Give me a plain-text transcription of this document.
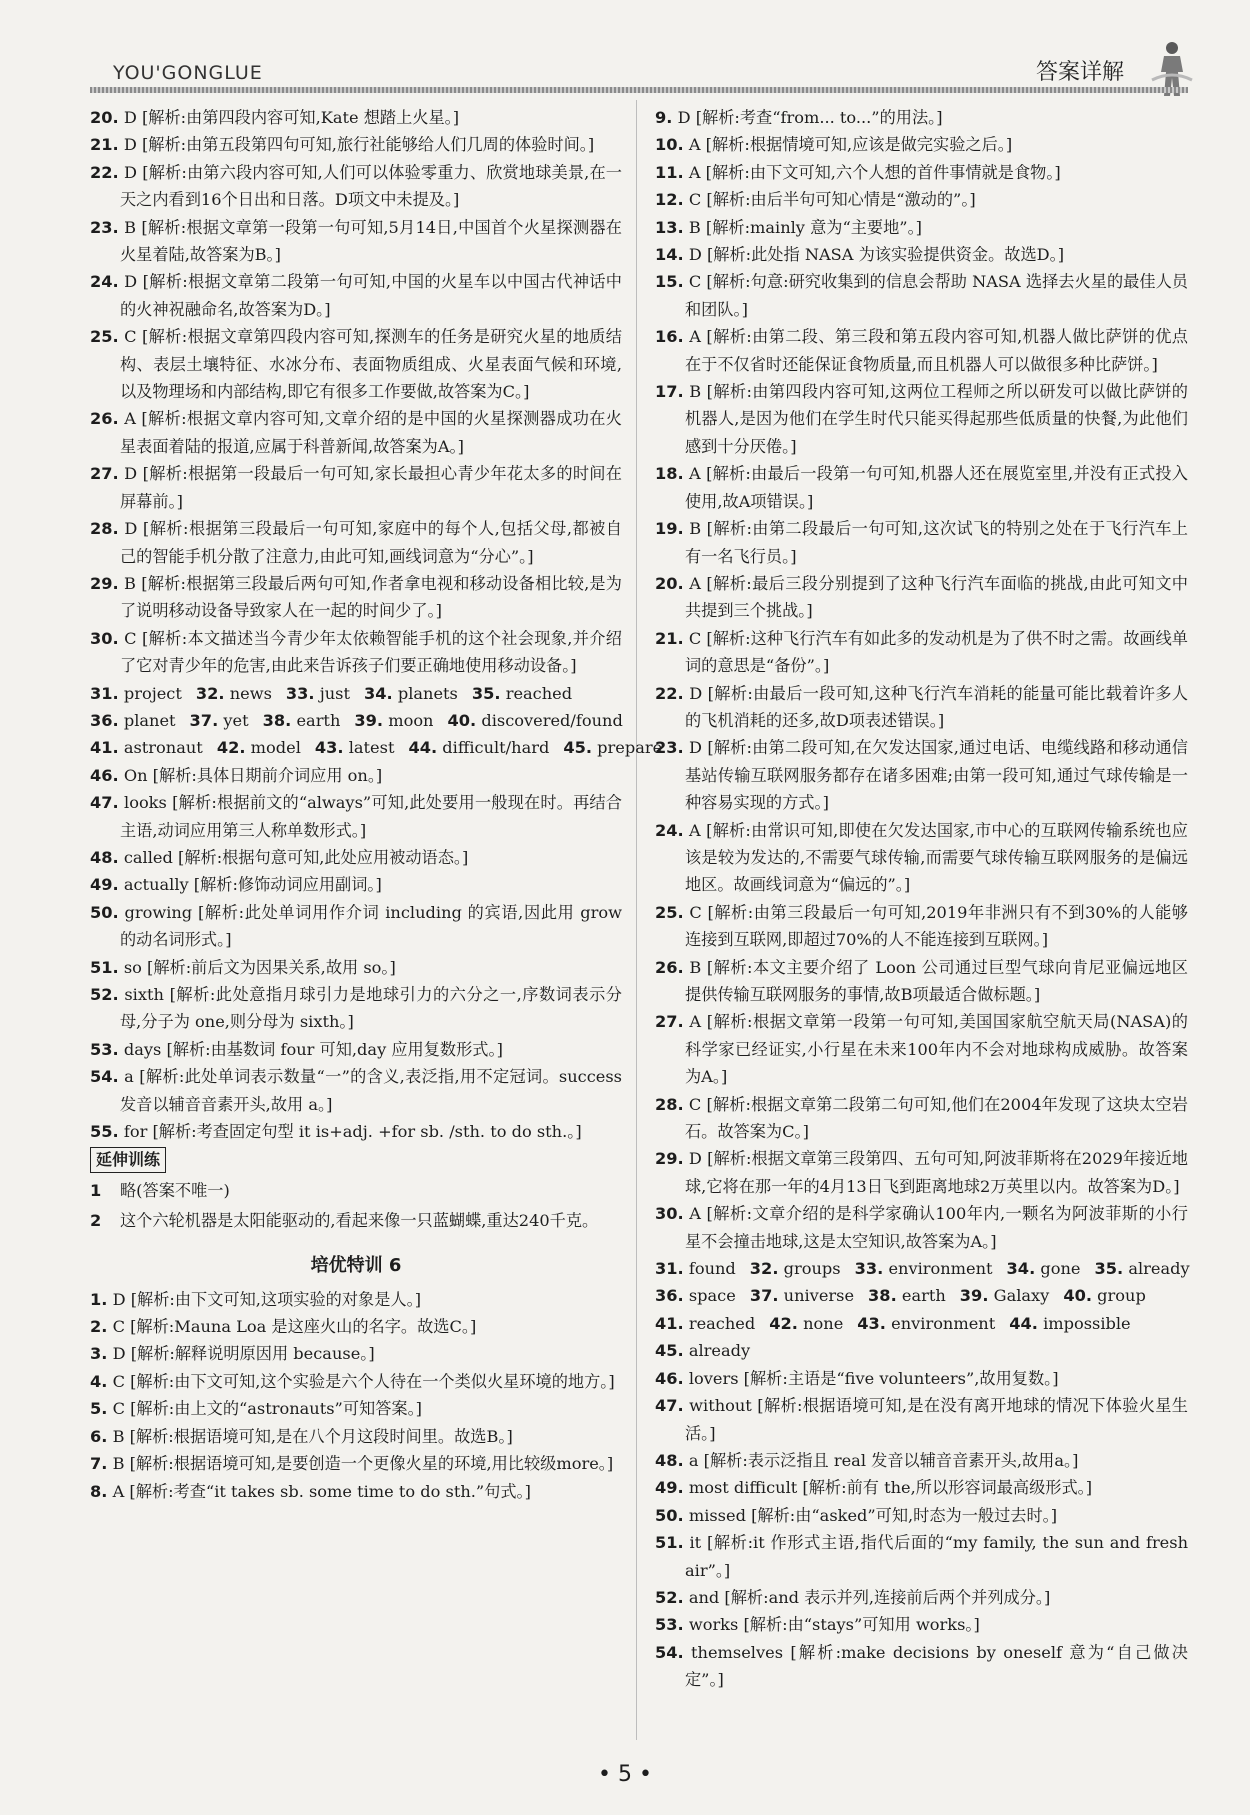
YOU'GONGLUE	答案详解
20. D [解析:由第四段内容可知,Kate 想踏上火星。]
21. D [解析:由第五段第四句可知,旅行社能够给人们几周的体验时间。]
22. D [解析:由第六段内容可知,人们可以体验零重力、欣赏地球美景,在一天之内看到16个日出和日落。D项文中未提及。]
23. B [解析:根据文章第一段第一句可知,5月14日,中国首个火星探测器在火星着陆,故答案为B。]
24. D [解析:根据文章第二段第一句可知,中国的火星车以中国古代神话中的火神祝融命名,故答案为D。]
25. C [解析:根据文章第四段内容可知,探测车的任务是研究火星的地质结构、表层土壤特征、水冰分布、表面物质组成、火星表面气候和环境,以及物理场和内部结构,即它有很多工作要做,故答案为C。]
26. A [解析:根据文章内容可知,文章介绍的是中国的火星探测器成功在火星表面着陆的报道,应属于科普新闻,故答案为A。]
27. D [解析:根据第一段最后一句可知,家长最担心青少年花太多的时间在屏幕前。]
28. D [解析:根据第三段最后一句可知,家庭中的每个人,包括父母,都被自己的智能手机分散了注意力,由此可知,画线词意为“分心”。]
29. B [解析:根据第三段最后两句可知,作者拿电视和移动设备相比较,是为了说明移动设备导致家人在一起的时间少了。]
30. C [解析:本文描述当今青少年太依赖智能手机的这个社会现象,并介绍了它对青少年的危害,由此来告诉孩子们要正确地使用移动设备。]
31. project 32. news 33. just 34. planets 35. reached
36. planet 37. yet 38. earth 39. moon 40. discovered/found
41. astronaut 42. model 43. latest 44. difficult/hard 45. prepare
46. On [解析:具体日期前介词应用 on。]
47. looks [解析:根据前文的“always”可知,此处要用一般现在时。再结合主语,动词应用第三人称单数形式。]
48. called [解析:根据句意可知,此处应用被动语态。]
49. actually [解析:修饰动词应用副词。]
50. growing [解析:此处单词用作介词 including 的宾语,因此用 grow 的动名词形式。]
51. so [解析:前后文为因果关系,故用 so。]
52. sixth [解析:此处意指月球引力是地球引力的六分之一,序数词表示分母,分子为 one,则分母为 sixth。]
53. days [解析:由基数词 four 可知,day 应用复数形式。]
54. a [解析:此处单词表示数量“一”的含义,表泛指,用不定冠词。success 发音以辅音音素开头,故用 a。]
55. for [解析:考查固定句型 it is+adj. +for sb. /sth. to do sth.。]
延伸训练
1	略(答案不唯一)
2	这个六轮机器是太阳能驱动的,看起来像一只蓝蝴蝶,重达240千克。
培优特训 6
1. D [解析:由下文可知,这项实验的对象是人。]
2. C [解析:Mauna Loa 是这座火山的名字。故选C。]
3. D [解析:解释说明原因用 because。]
4. C [解析:由下文可知,这个实验是六个人待在一个类似火星环境的地方。]
5. C [解析:由上文的“astronauts”可知答案。]
6. B [解析:根据语境可知,是在八个月这段时间里。故选B。]
7. B [解析:根据语境可知,是要创造一个更像火星的环境,用比较级more。]
8. A [解析:考查“it takes sb. some time to do sth.”句式。]
9. D [解析:考查“from... to...”的用法。]
10. A [解析:根据情境可知,应该是做完实验之后。]
11. A [解析:由下文可知,六个人想的首件事情就是食物。]
12. C [解析:由后半句可知心情是“激动的”。]
13. B [解析:mainly 意为“主要地”。]
14. D [解析:此处指 NASA 为该实验提供资金。故选D。]
15. C [解析:句意:研究收集到的信息会帮助 NASA 选择去火星的最佳人员和团队。]
16. A [解析:由第二段、第三段和第五段内容可知,机器人做比萨饼的优点在于不仅省时还能保证食物质量,而且机器人可以做很多种比萨饼。]
17. B [解析:由第四段内容可知,这两位工程师之所以研发可以做比萨饼的机器人,是因为他们在学生时代只能买得起那些低质量的快餐,为此他们感到十分厌倦。]
18. A [解析:由最后一段第一句可知,机器人还在展览室里,并没有正式投入使用,故A项错误。]
19. B [解析:由第二段最后一句可知,这次试飞的特别之处在于飞行汽车上有一名飞行员。]
20. A [解析:最后三段分别提到了这种飞行汽车面临的挑战,由此可知文中共提到三个挑战。]
21. C [解析:这种飞行汽车有如此多的发动机是为了供不时之需。故画线单词的意思是“备份”。]
22. D [解析:由最后一段可知,这种飞行汽车消耗的能量可能比载着许多人的飞机消耗的还多,故D项表述错误。]
23. D [解析:由第二段可知,在欠发达国家,通过电话、电缆线路和移动通信基站传输互联网服务都存在诸多困难;由第一段可知,通过气球传输是一种容易实现的方式。]
24. A [解析:由常识可知,即使在欠发达国家,市中心的互联网传输系统也应该是较为发达的,不需要气球传输,而需要气球传输互联网服务的是偏远地区。故画线词意为“偏远的”。]
25. C [解析:由第三段最后一句可知,2019年非洲只有不到30%的人能够连接到互联网,即超过70%的人不能连接到互联网。]
26. B [解析:本文主要介绍了 Loon 公司通过巨型气球向肯尼亚偏远地区提供传输互联网服务的事情,故B项最适合做标题。]
27. A [解析:根据文章第一段第一句可知,美国国家航空航天局(NASA)的科学家已经证实,小行星在未来100年内不会对地球构成威胁。故答案为A。]
28. C [解析:根据文章第二段第二句可知,他们在2004年发现了这块太空岩石。故答案为C。]
29. D [解析:根据文章第三段第四、五句可知,阿波菲斯将在2029年接近地球,它将在那一年的4月13日飞到距离地球2万英里以内。故答案为D。]
30. A [解析:文章介绍的是科学家确认100年内,一颗名为阿波菲斯的小行星不会撞击地球,这是太空知识,故答案为A。]
31. found 32. groups 33. environment 34. gone 35. already
36. space 37. universe 38. earth 39. Galaxy 40. group
41. reached 42. none 43. environment 44. impossible
45. already
46. lovers [解析:主语是“five volunteers”,故用复数。]
47. without [解析:根据语境可知,是在没有离开地球的情况下体验火星生活。]
48. a [解析:表示泛指且 real 发音以辅音音素开头,故用a。]
49. most difficult [解析:前有 the,所以形容词最高级形式。]
50. missed [解析:由“asked”可知,时态为一般过去时。]
51. it [解析:it 作形式主语,指代后面的“my family, the sun and fresh air”。]
52. and [解析:and 表示并列,连接前后两个并列成分。]
53. works [解析:由“stays”可知用 works。]
54. themselves [解析:make decisions by oneself 意为“自己做决定”。]
• 5 •
